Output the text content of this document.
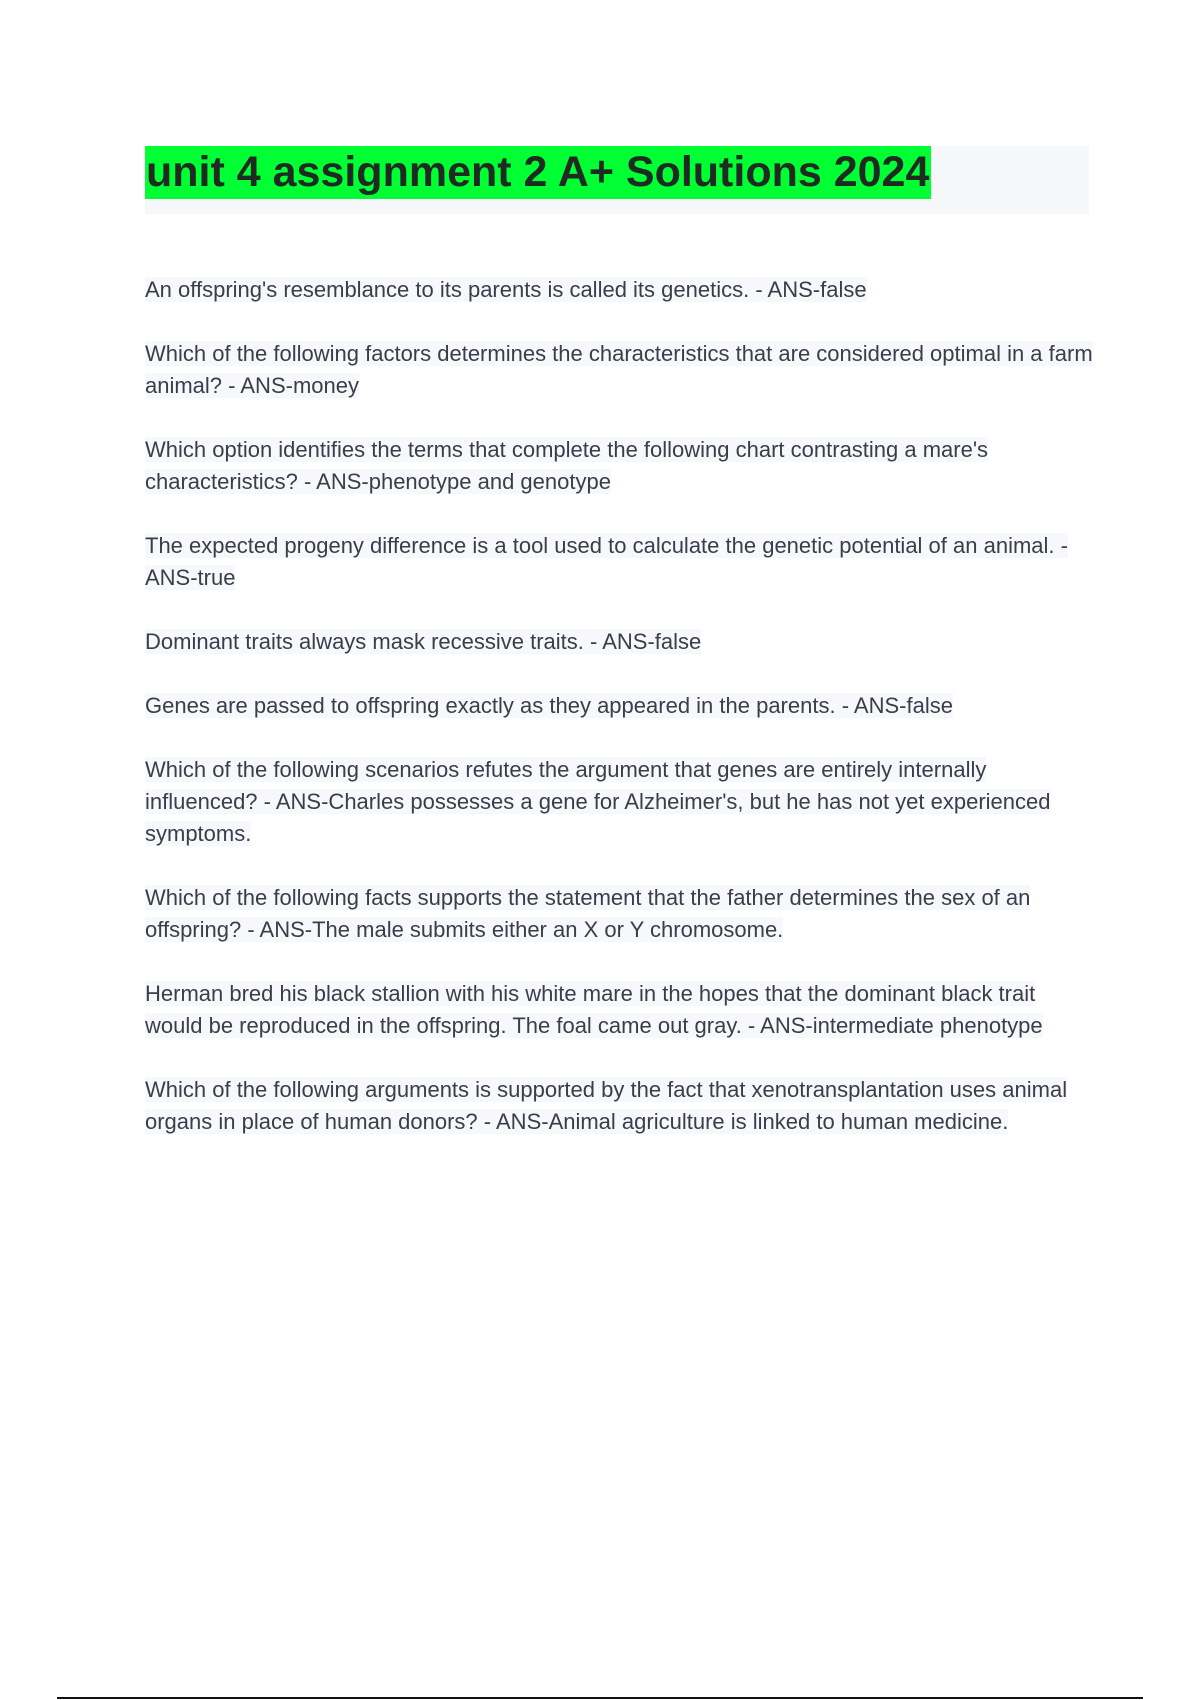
unit 4 assignment 2 A+ Solutions 2024
An offspring's resemblance to its parents is called its genetics. - ANS-false
Which of the following factors determines the characteristics that are considered optimal in a farm animal? - ANS-money
Which option identifies the terms that complete the following chart contrasting a mare's characteristics? - ANS-phenotype and genotype
The expected progeny difference is a tool used to calculate the genetic potential of an animal. - ANS-true
Dominant traits always mask recessive traits. - ANS-false
Genes are passed to offspring exactly as they appeared in the parents. - ANS-false
Which of the following scenarios refutes the argument that genes are entirely internally influenced? - ANS-Charles possesses a gene for Alzheimer's, but he has not yet experienced symptoms.
Which of the following facts supports the statement that the father determines the sex of an offspring? - ANS-The male submits either an X or Y chromosome.
Herman bred his black stallion with his white mare in the hopes that the dominant black trait would be reproduced in the offspring. The foal came out gray. - ANS-intermediate phenotype
Which of the following arguments is supported by the fact that xenotransplantation uses animal organs in place of human donors? - ANS-Animal agriculture is linked to human medicine.
